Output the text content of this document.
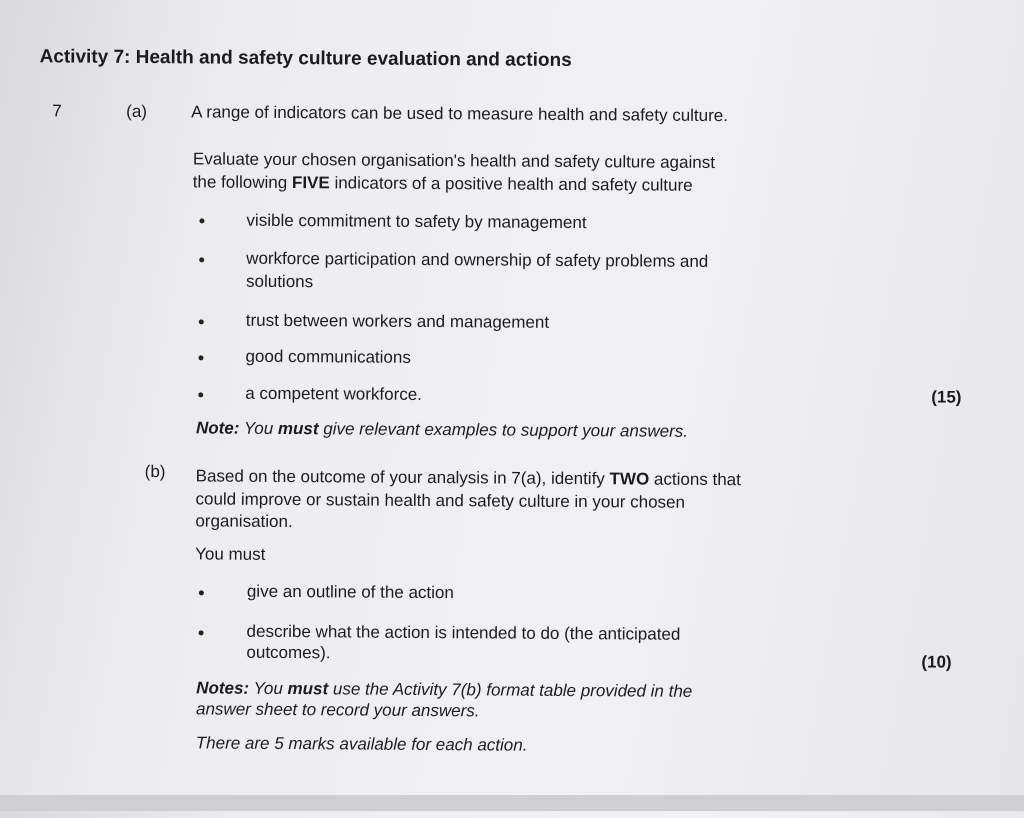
Activity 7: Health and safety culture evaluation and actions
7	(a)	A range of indicators can be used to measure health and safety culture.
Evaluate your chosen organisation's health and safety culture against
the following FIVE indicators of a positive health and safety culture
visible commitment to safety by management
workforce participation and ownership of safety problems and
solutions
trust between workers and management
good communications
a competent workforce.	(15)
Note: You must give relevant examples to support your answers.
(b) Based on the outcome of your analysis in 7(a), identify TWO actions that
could improve or sustain health and safety culture in your chosen
organisation.
You must
give an outline of the action
describe what the action is intended to do (the anticipated
outcomes).	(10)
Notes: You must use the Activity 7(b) format table provided in the
answer sheet to record your answers.
There are 5 marks available for each action.
